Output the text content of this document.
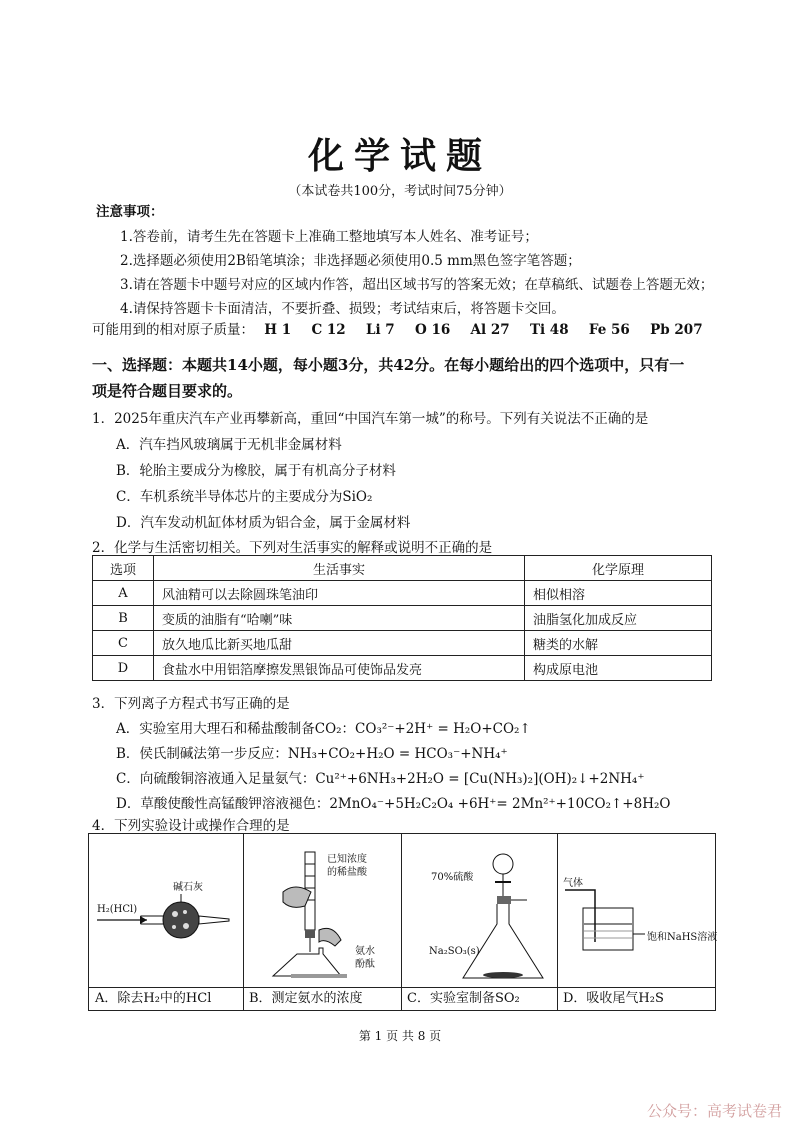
化学试题
（本试卷共100分，考试时间75分钟）
注意事项：
1.答卷前，请考生先在答题卡上准确工整地填写本人姓名、准考证号；
2.选择题必须使用2B铅笔填涂；非选择题必须使用0.5 mm黑色签字笔答题；
3.请在答题卡中题号对应的区域内作答，超出区域书写的答案无效；在草稿纸、试题卷上答题无效；
4.请保持答题卡卡面清洁，不要折叠、损毁；考试结束后，将答题卡交回。
可能用到的相对原子质量： H 1 C 12 Li 7 O 16 Al 27 Ti 48 Fe 56 Pb 207
一、选择题：本题共14小题，每小题3分，共42分。在每小题给出的四个选项中，只有一
项是符合题目要求的。
1．2025年重庆汽车产业再攀新高，重回“中国汽车第一城”的称号。下列有关说法不正确的是
A．汽车挡风玻璃属于无机非金属材料
B．轮胎主要成分为橡胶，属于有机高分子材料
C．车机系统半导体芯片的主要成分为SiO₂
D．汽车发动机缸体材质为铝合金，属于金属材料
2．化学与生活密切相关。下列对生活事实的解释或说明不正确的是
选项	生活事实	化学原理
A	风油精可以去除圆珠笔油印	相似相溶
B	变质的油脂有“哈喇”味	油脂氢化加成反应
C	放久地瓜比新买地瓜甜	糖类的水解
D	食盐水中用铝箔摩擦发黑银饰品可使饰品发亮	构成原电池
3．下列离子方程式书写正确的是
A．实验室用大理石和稀盐酸制备CO₂：CO₃²⁻+2H⁺ = H₂O+CO₂↑
B．侯氏制碱法第一步反应：NH₃+CO₂+H₂O = HCO₃⁻+NH₄⁺
C．向硫酸铜溶液通入足量氨气：Cu²⁺+6NH₃+2H₂O = [Cu(NH₃)₂](OH)₂↓+2NH₄⁺
D．草酸使酸性高锰酸钾溶液褪色：2MnO₄⁻+5H₂C₂O₄ +6H⁺= 2Mn²⁺+10CO₂↑+8H₂O
4．下列实验设计或操作合理的是
碱石灰
H₂(HCl)
A．除去H₂中的HCl
已知浓度
的稀盐酸
氨水
酚酞
B．测定氨水的浓度
70%硫酸
Na₂SO₃(s)
C．实验室制备SO₂
气体
饱和NaHS溶液
D．吸收尾气H₂S
第 1 页 共 8 页
公众号：高考试卷君
